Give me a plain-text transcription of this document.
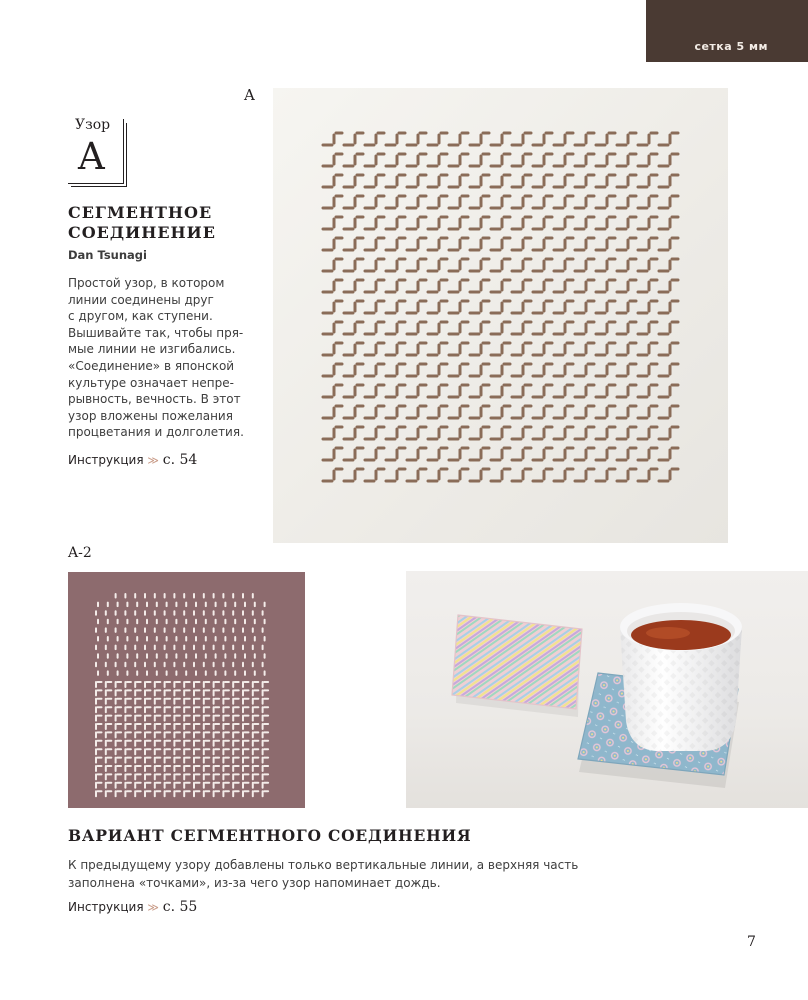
сетка 5 мм
A
Узор
A
СЕГМЕНТНОЕ
СОЕДИНЕНИЕ
Dan Tsunagi
Простой узор, в котором
линии соединены друг
с другом, как ступени.
Вышивайте так, чтобы пря-
мые линии не изгибались.
«Соединение» в японской
культуре означает непре-
рывность, вечность. В этот
узор вложены пожелания
процветания и долголетия.
Инструкция ≫ с. 54
A-2
ВАРИАНТ СЕГМЕНТНОГО СОЕДИНЕНИЯ
К предыдущему узору добавлены только вертикальные линии, а верхняя часть
заполнена «точками», из-за чего узор напоминает дождь.
Инструкция ≫ с. 55
7
